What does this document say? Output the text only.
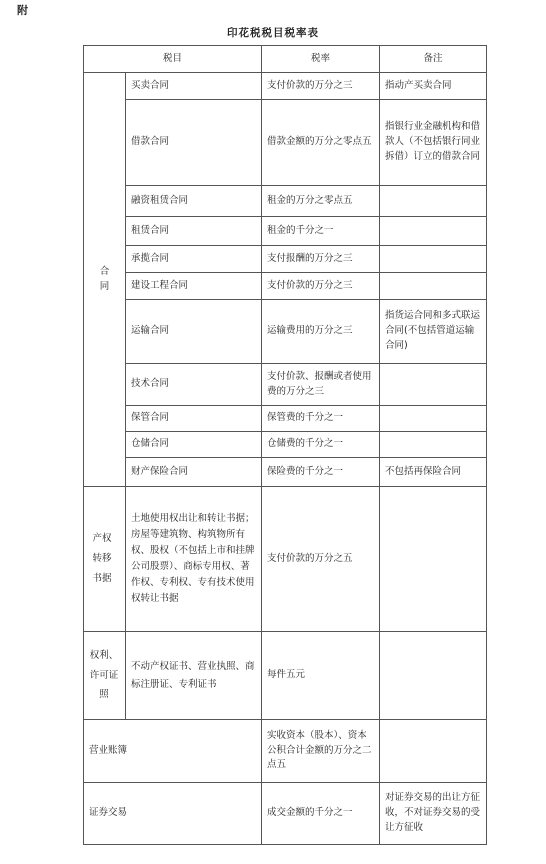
附
印花税税目税率表
税目		税率	备注
合同	买卖合同	支付价款的万分之三	指动产买卖合同
	借款合同	借款金额的万分之零点五	指银行业金融机构和借款人（不包括银行同业拆借）订立的借款合同
	融资租赁合同	租金的万分之零点五	
	租赁合同	租金的千分之一	
	承揽合同	支付报酬的万分之三	
	建设工程合同	支付价款的万分之三	
	运输合同	运输费用的万分之三	指货运合同和多式联运合同(不包括管道运输合同)
	技术合同	支付价款、报酬或者使用费的万分之三	
	保管合同	保管费的千分之一	
	仓储合同	仓储费的千分之一	
	财产保险合同	保险费的千分之一	不包括再保险合同
产权转移书据	土地使用权出让和转让书据；房屋等建筑物、构筑物所有权、股权（不包括上市和挂牌公司股票）、商标专用权、著作权、专利权、专有技术使用权转让书据	支付价款的万分之五	
权利、许可证照	不动产权证书、营业执照、商标注册证、专利证书	每件五元	
营业账簿		实收资本（股本）、资本公积合计金额的万分之二点五	
证券交易		成交金额的千分之一	对证券交易的出让方征收，不对证券交易的受让方征收
